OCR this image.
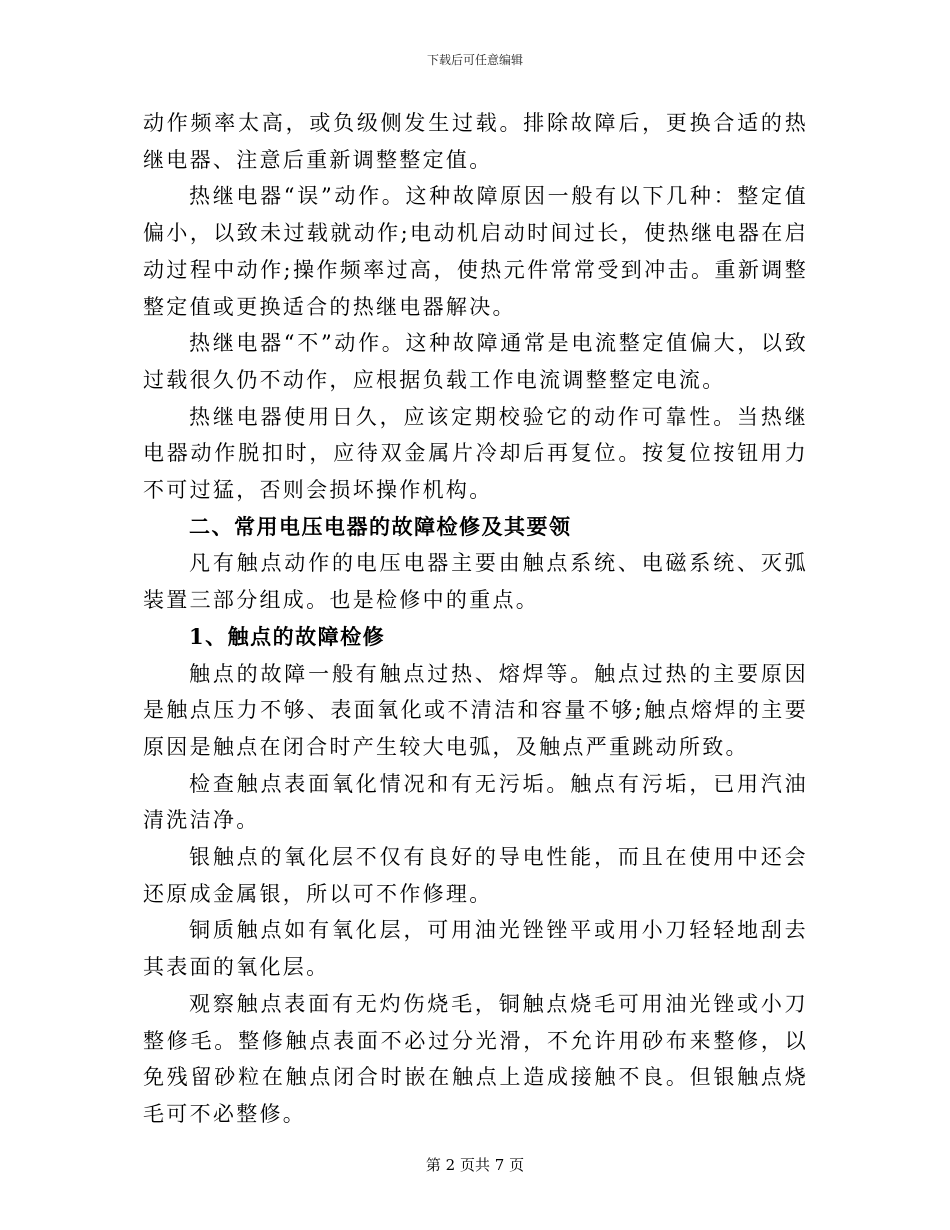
下载后可任意编辑

动作频率太高，或负级侧发生过载。排除故障后，更换合适的热继电器、注意后重新调整整定值。

热继电器“误”动作。这种故障原因一般有以下几种：整定值偏小，以致未过载就动作;电动机启动时间过长，使热继电器在启动过程中动作;操作频率过高，使热元件常常受到冲击。重新调整整定值或更换适合的热继电器解决。

热继电器“不”动作。这种故障通常是电流整定值偏大，以致过载很久仍不动作，应根据负载工作电流调整整定电流。

热继电器使用日久，应该定期校验它的动作可靠性。当热继电器动作脱扣时，应待双金属片冷却后再复位。按复位按钮用力不可过猛，否则会损坏操作机构。

二、常用电压电器的故障检修及其要领

凡有触点动作的电压电器主要由触点系统、电磁系统、灭弧装置三部分组成。也是检修中的重点。

1、触点的故障检修

触点的故障一般有触点过热、熔焊等。触点过热的主要原因是触点压力不够、表面氧化或不清洁和容量不够;触点熔焊的主要原因是触点在闭合时产生较大电弧，及触点严重跳动所致。

检查触点表面氧化情况和有无污垢。触点有污垢，已用汽油清洗洁净。

银触点的氧化层不仅有良好的导电性能，而且在使用中还会还原成金属银，所以可不作修理。

铜质触点如有氧化层，可用油光锉锉平或用小刀轻轻地刮去其表面的氧化层。

观察触点表面有无灼伤烧毛，铜触点烧毛可用油光锉或小刀整修毛。整修触点表面不必过分光滑，不允许用砂布来整修，以免残留砂粒在触点闭合时嵌在触点上造成接触不良。但银触点烧毛可不必整修。

第 2 页共 7 页
